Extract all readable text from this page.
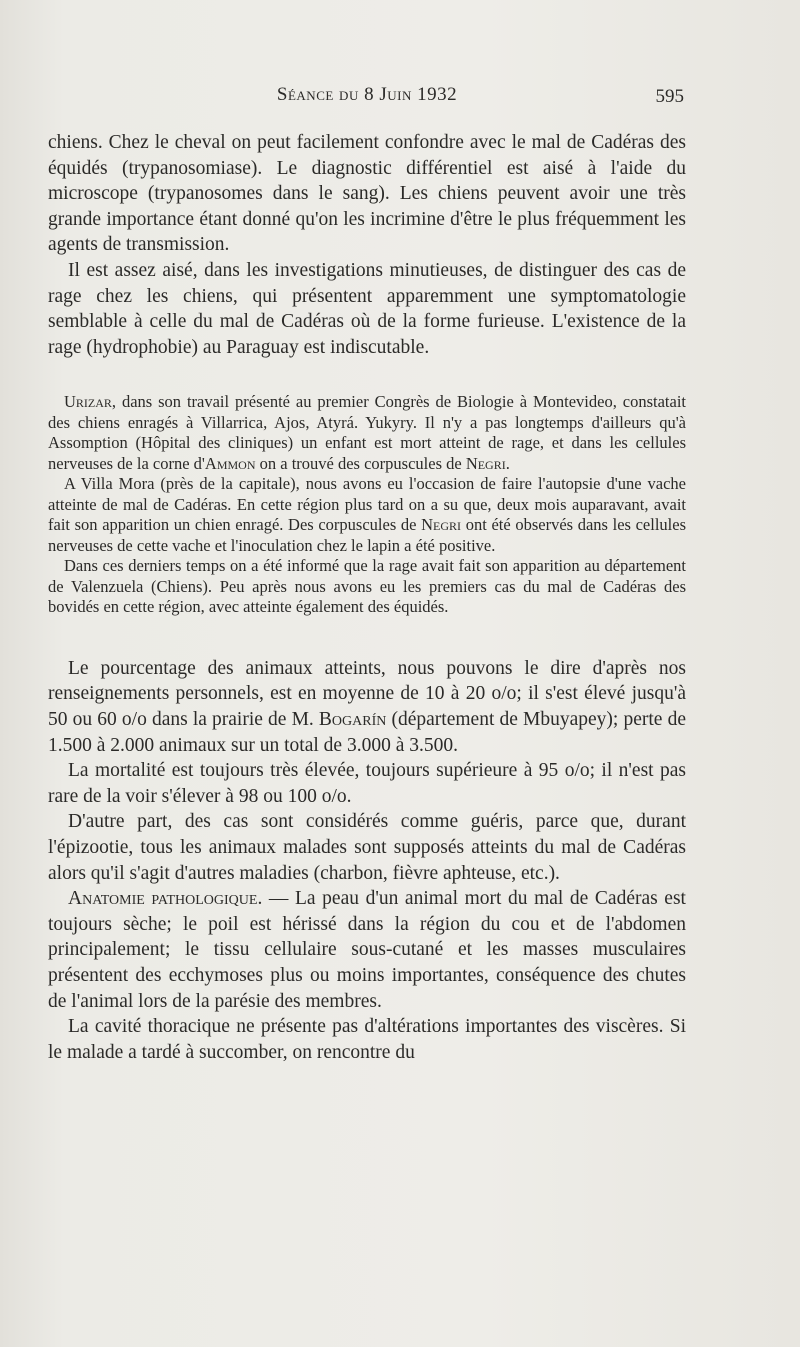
Séance du 8 Juin 1932	595

chiens. Chez le cheval on peut facilement confondre avec le mal de Cadéras des équidés (trypanosomiase). Le diagnostic différentiel est aisé à l'aide du microscope (trypanosomes dans le sang). Les chiens peuvent avoir une très grande importance étant donné qu'on les incrimine d'être le plus fréquemment les agents de transmission.

Il est assez aisé, dans les investigations minutieuses, de distinguer des cas de rage chez les chiens, qui présentent apparemment une symptomatologie semblable à celle du mal de Cadéras où de la forme furieuse. L'existence de la rage (hydrophobie) au Paraguay est indiscutable.

Urizar, dans son travail présenté au premier Congrès de Biologie à Montevideo, constatait des chiens enragés à Villarrica, Ajos, Atyrá. Yukyry. Il n'y a pas longtemps d'ailleurs qu'à Assomption (Hôpital des cliniques) un enfant est mort atteint de rage, et dans les cellules nerveuses de la corne d'Ammon on a trouvé des corpuscules de Negri.

A Villa Mora (près de la capitale), nous avons eu l'occasion de faire l'autopsie d'une vache atteinte de mal de Cadéras. En cette région plus tard on a su que, deux mois auparavant, avait fait son apparition un chien enragé. Des corpuscules de Negri ont été observés dans les cellules nerveuses de cette vache et l'inoculation chez le lapin a été positive.

Dans ces derniers temps on a été informé que la rage avait fait son apparition au département de Valenzuela (Chiens). Peu après nous avons eu les premiers cas du mal de Cadéras des bovidés en cette région, avec atteinte également des équidés.

Le pourcentage des animaux atteints, nous pouvons le dire d'après nos renseignements personnels, est en moyenne de 10 à 20 o/o; il s'est élevé jusqu'à 50 ou 60 o/o dans la prairie de M. Bogarín (département de Mbuyapey); perte de 1.500 à 2.000 animaux sur un total de 3.000 à 3.500.

La mortalité est toujours très élevée, toujours supérieure à 95 o/o; il n'est pas rare de la voir s'élever à 98 ou 100 o/o.

D'autre part, des cas sont considérés comme guéris, parce que, durant l'épizootie, tous les animaux malades sont supposés atteints du mal de Cadéras alors qu'il s'agit d'autres maladies (charbon, fièvre aphteuse, etc.).

Anatomie pathologique. — La peau d'un animal mort du mal de Cadéras est toujours sèche; le poil est hérissé dans la région du cou et de l'abdomen principalement; le tissu cellulaire sous-cutané et les masses musculaires présentent des ecchymoses plus ou moins importantes, conséquence des chutes de l'animal lors de la parésie des membres.

La cavité thoracique ne présente pas d'altérations importantes des viscères. Si le malade a tardé à succomber, on rencontre du
